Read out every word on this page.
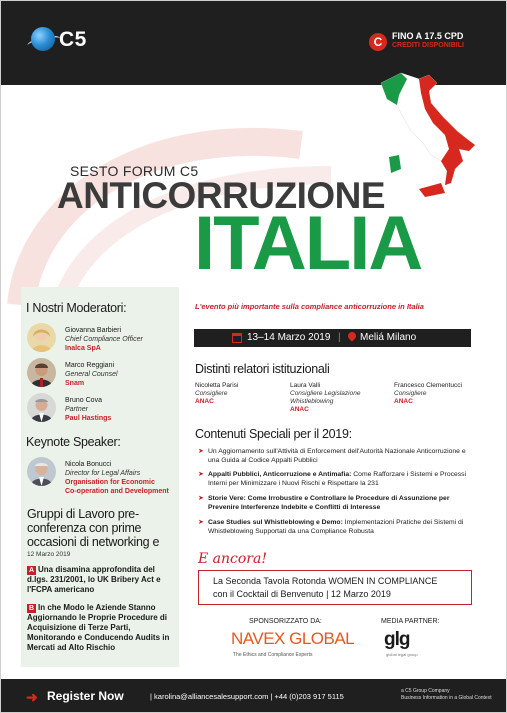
C5	C	FINO A 17.5 CPD
CREDITI DISPONIBILI
SESTO FORUM C5
ANTICORRUZIONE
ITALIA
I Nostri Moderatori:
Giovanna Barbieri
Chief Compliance Officer
Inalca SpA
Marco Reggiani
General Counsel
Snam
Bruno Cova
Partner
Paul Hastings
Keynote Speaker:
Nicola Bonucci
Director for Legal Affairs
Organisation for Economic
Co-operation and Development
Gruppi di Lavoro pre-conferenza con prime occasioni di networking e
12 Marzo 2019
A Una disamina approfondita del d.lgs. 231/2001, lo UK Bribery Act e l'FCPA americano
B In che Modo le Aziende Stanno Aggiornando le Proprie Procedure di Acquisizione di Terze Parti, Monitorando e Conducendo Audits in Mercati ad Alto Rischio
L'evento più importante sulla compliance anticorruzione in Italia
13–14 Marzo 2019 | Meliá Milano
Distinti relatori istituzionali
Nicoletta Parisi
Consigliere
ANAC
Laura Valli
Consigliere Legislazione Whistleblowing
ANAC
Francesco Clementucci
Consigliere
ANAC
Contenuti Speciali per il 2019:
➤ Un Aggiornamento sull'Attività di Enforcement dell'Autorità Nazionale Anticorruzione e una Guida al Codice Appalti Pubblici
➤ Appalti Pubblici, Anticorruzione e Antimafia: Come Rafforzare i Sistemi e Processi Interni per Minimizzare i Nuovi Rischi e Rispettare la 231
➤ Storie Vere: Come Irrobustire e Controllare le Procedure di Assunzione per Prevenire Interferenze Indebite e Conflitti di Interesse
➤ Case Studies sul Whistleblowing e Demo: Implementazioni Pratiche dei Sistemi di Whistleblowing Supportati da una Compliance Robusta
E ancora!
La Seconda Tavola Rotonda WOMEN IN COMPLIANCE
con il Cocktail di Benvenuto | 12 Marzo 2019
SPONSORIZZATO DA:
NAVEX GLOBAL
The Ethics and Compliance Experts
MEDIA PARTNER:
glg
global legal group
➜ Register Now	| karolina@alliancesalesupport.com | +44 (0)203 917 5115
a C5 Group Company
Business Information in a Global Context
